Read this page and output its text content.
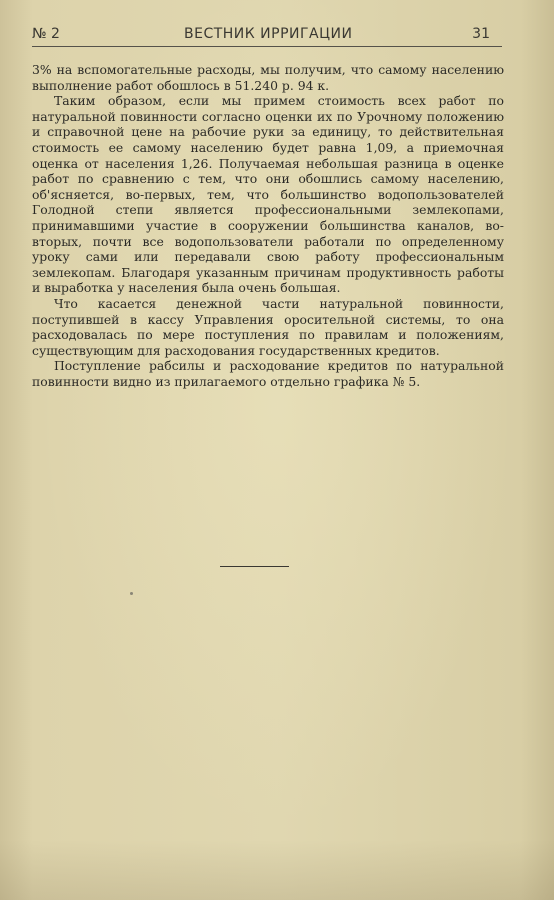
№ 2	ВЕСТНИК ИРРИГАЦИИ	31

3% на вспомогательные расходы, мы получим, что самому населению выполнение работ обошлось в 51.240 р. 94 к.

Таким образом, если мы примем стоимость всех работ по натуральной повинности согласно оценки их по Урочному положению и справочной цене на рабочие руки за единицу, то действительная стоимость ее самому населению будет равна 1,09, а приемочная оценка от населения 1,26. Получаемая небольшая разница в оценке работ по сравнению с тем, что они обошлись самому населению, об'ясняется, во-первых, тем, что большинство водопользователей Голодной степи является профессиональными землекопами, принимавшими участие в сооружении большинства каналов, во-вторых, почти все водопользователи работали по определенному уроку сами или передавали свою работу профессиональным землекопам. Благодаря указанным причинам продуктивность работы и выработка у населения была очень большая.

Что касается денежной части натуральной повинности, поступившей в кассу Управления оросительной системы, то она расходовалась по мере поступления по правилам и положениям, существующим для расходования государственных кредитов.

Поступление рабсилы и расходование кредитов по натуральной повинности видно из прилагаемого отдельно графика № 5.
